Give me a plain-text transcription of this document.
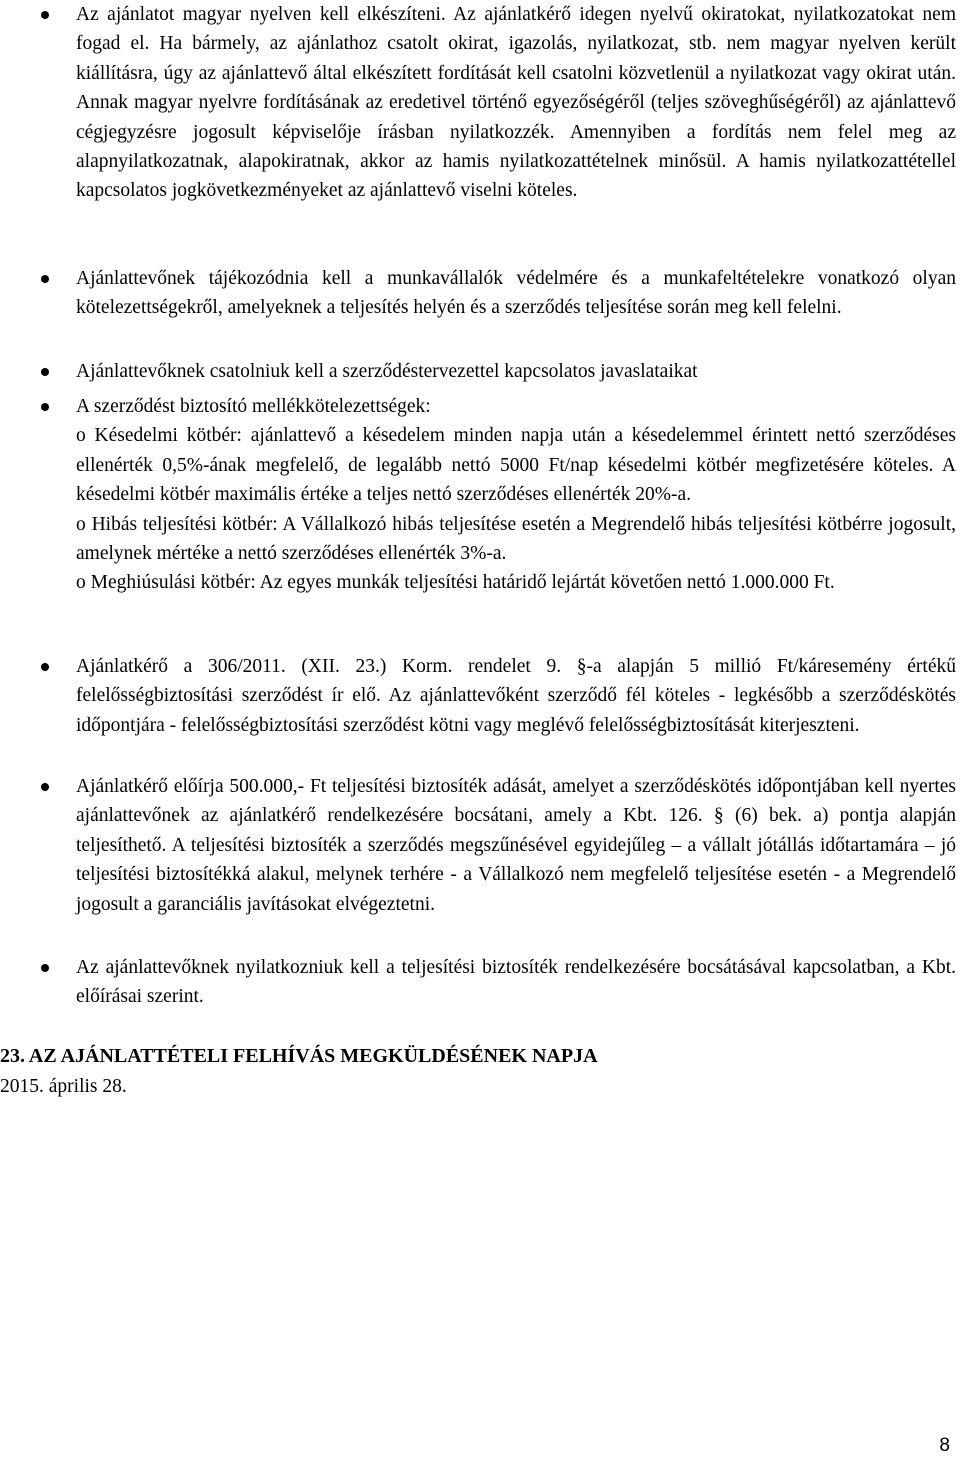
Az ajánlatot magyar nyelven kell elkészíteni. Az ajánlatkérő idegen nyelvű okiratokat, nyilatkozatokat nem fogad el. Ha bármely, az ajánlathoz csatolt okirat, igazolás, nyilatkozat, stb. nem magyar nyelven került kiállításra, úgy az ajánlattevő által elkészített fordítását kell csatolni közvetlenül a nyilatkozat vagy okirat után. Annak magyar nyelvre fordításának az eredetivel történő egyezőségéről (teljes szöveghűségéről) az ajánlattevő cégjegyzésre jogosult képviselője írásban nyilatkozzék. Amennyiben a fordítás nem felel meg az alapnyilatkozatnak, alapokiratnak, akkor az hamis nyilatkozattételnek minősül. A hamis nyilatkozattétellel kapcsolatos jogkövetkezményeket az ajánlattevő viselni köteles.

Ajánlattevőnek tájékozódnia kell a munkavállalók védelmére és a munkafeltételekre vonatkozó olyan kötelezettségekről, amelyeknek a teljesítés helyén és a szerződés teljesítése során meg kell felelni.

Ajánlattevőknek csatolniuk kell a szerződéstervezettel kapcsolatos javaslataikat

A szerződést biztosító mellékkötelezettségek:

o Késedelmi kötbér: ajánlattevő a késedelem minden napja után a késedelemmel érintett nettó szerződéses ellenérték 0,5%-ának megfelelő, de legalább nettó 5000 Ft/nap késedelmi kötbér megfizetésére köteles. A késedelmi kötbér maximális értéke a teljes nettó szerződéses ellenérték 20%-a.

o Hibás teljesítési kötbér: A Vállalkozó hibás teljesítése esetén a Megrendelő hibás teljesítési kötbérre jogosult, amelynek mértéke a nettó szerződéses ellenérték 3%-a.

o Meghiúsulási kötbér: Az egyes munkák teljesítési határidő lejártát követően nettó 1.000.000 Ft.

Ajánlatkérő a 306/2011. (XII. 23.) Korm. rendelet 9. §-a alapján 5 millió Ft/káresemény értékű felelősségbiztosítási szerződést ír elő. Az ajánlattevőként szerződő fél köteles - legkésőbb a szerződéskötés időpontjára - felelősségbiztosítási szerződést kötni vagy meglévő felelősségbiztosítását kiterjeszteni.

Ajánlatkérő előírja 500.000,- Ft teljesítési biztosíték adását, amelyet a szerződéskötés időpontjában kell nyertes ajánlattevőnek az ajánlatkérő rendelkezésére bocsátani, amely a Kbt. 126. § (6) bek. a) pontja alapján teljesíthető. A teljesítési biztosíték a szerződés megszűnésével egyidejűleg – a vállalt jótállás időtartamára – jó teljesítési biztosítékká alakul, melynek terhére - a Vállalkozó nem megfelelő teljesítése esetén - a Megrendelő jogosult a garanciális javításokat elvégeztetni.

Az ajánlattevőknek nyilatkozniuk kell a teljesítési biztosíték rendelkezésére bocsátásával kapcsolatban, a Kbt. előírásai szerint.

23. AZ AJÁNLATTÉTELI FELHÍVÁS MEGKÜLDÉSÉNEK NAPJA
2015. április 28.
8
